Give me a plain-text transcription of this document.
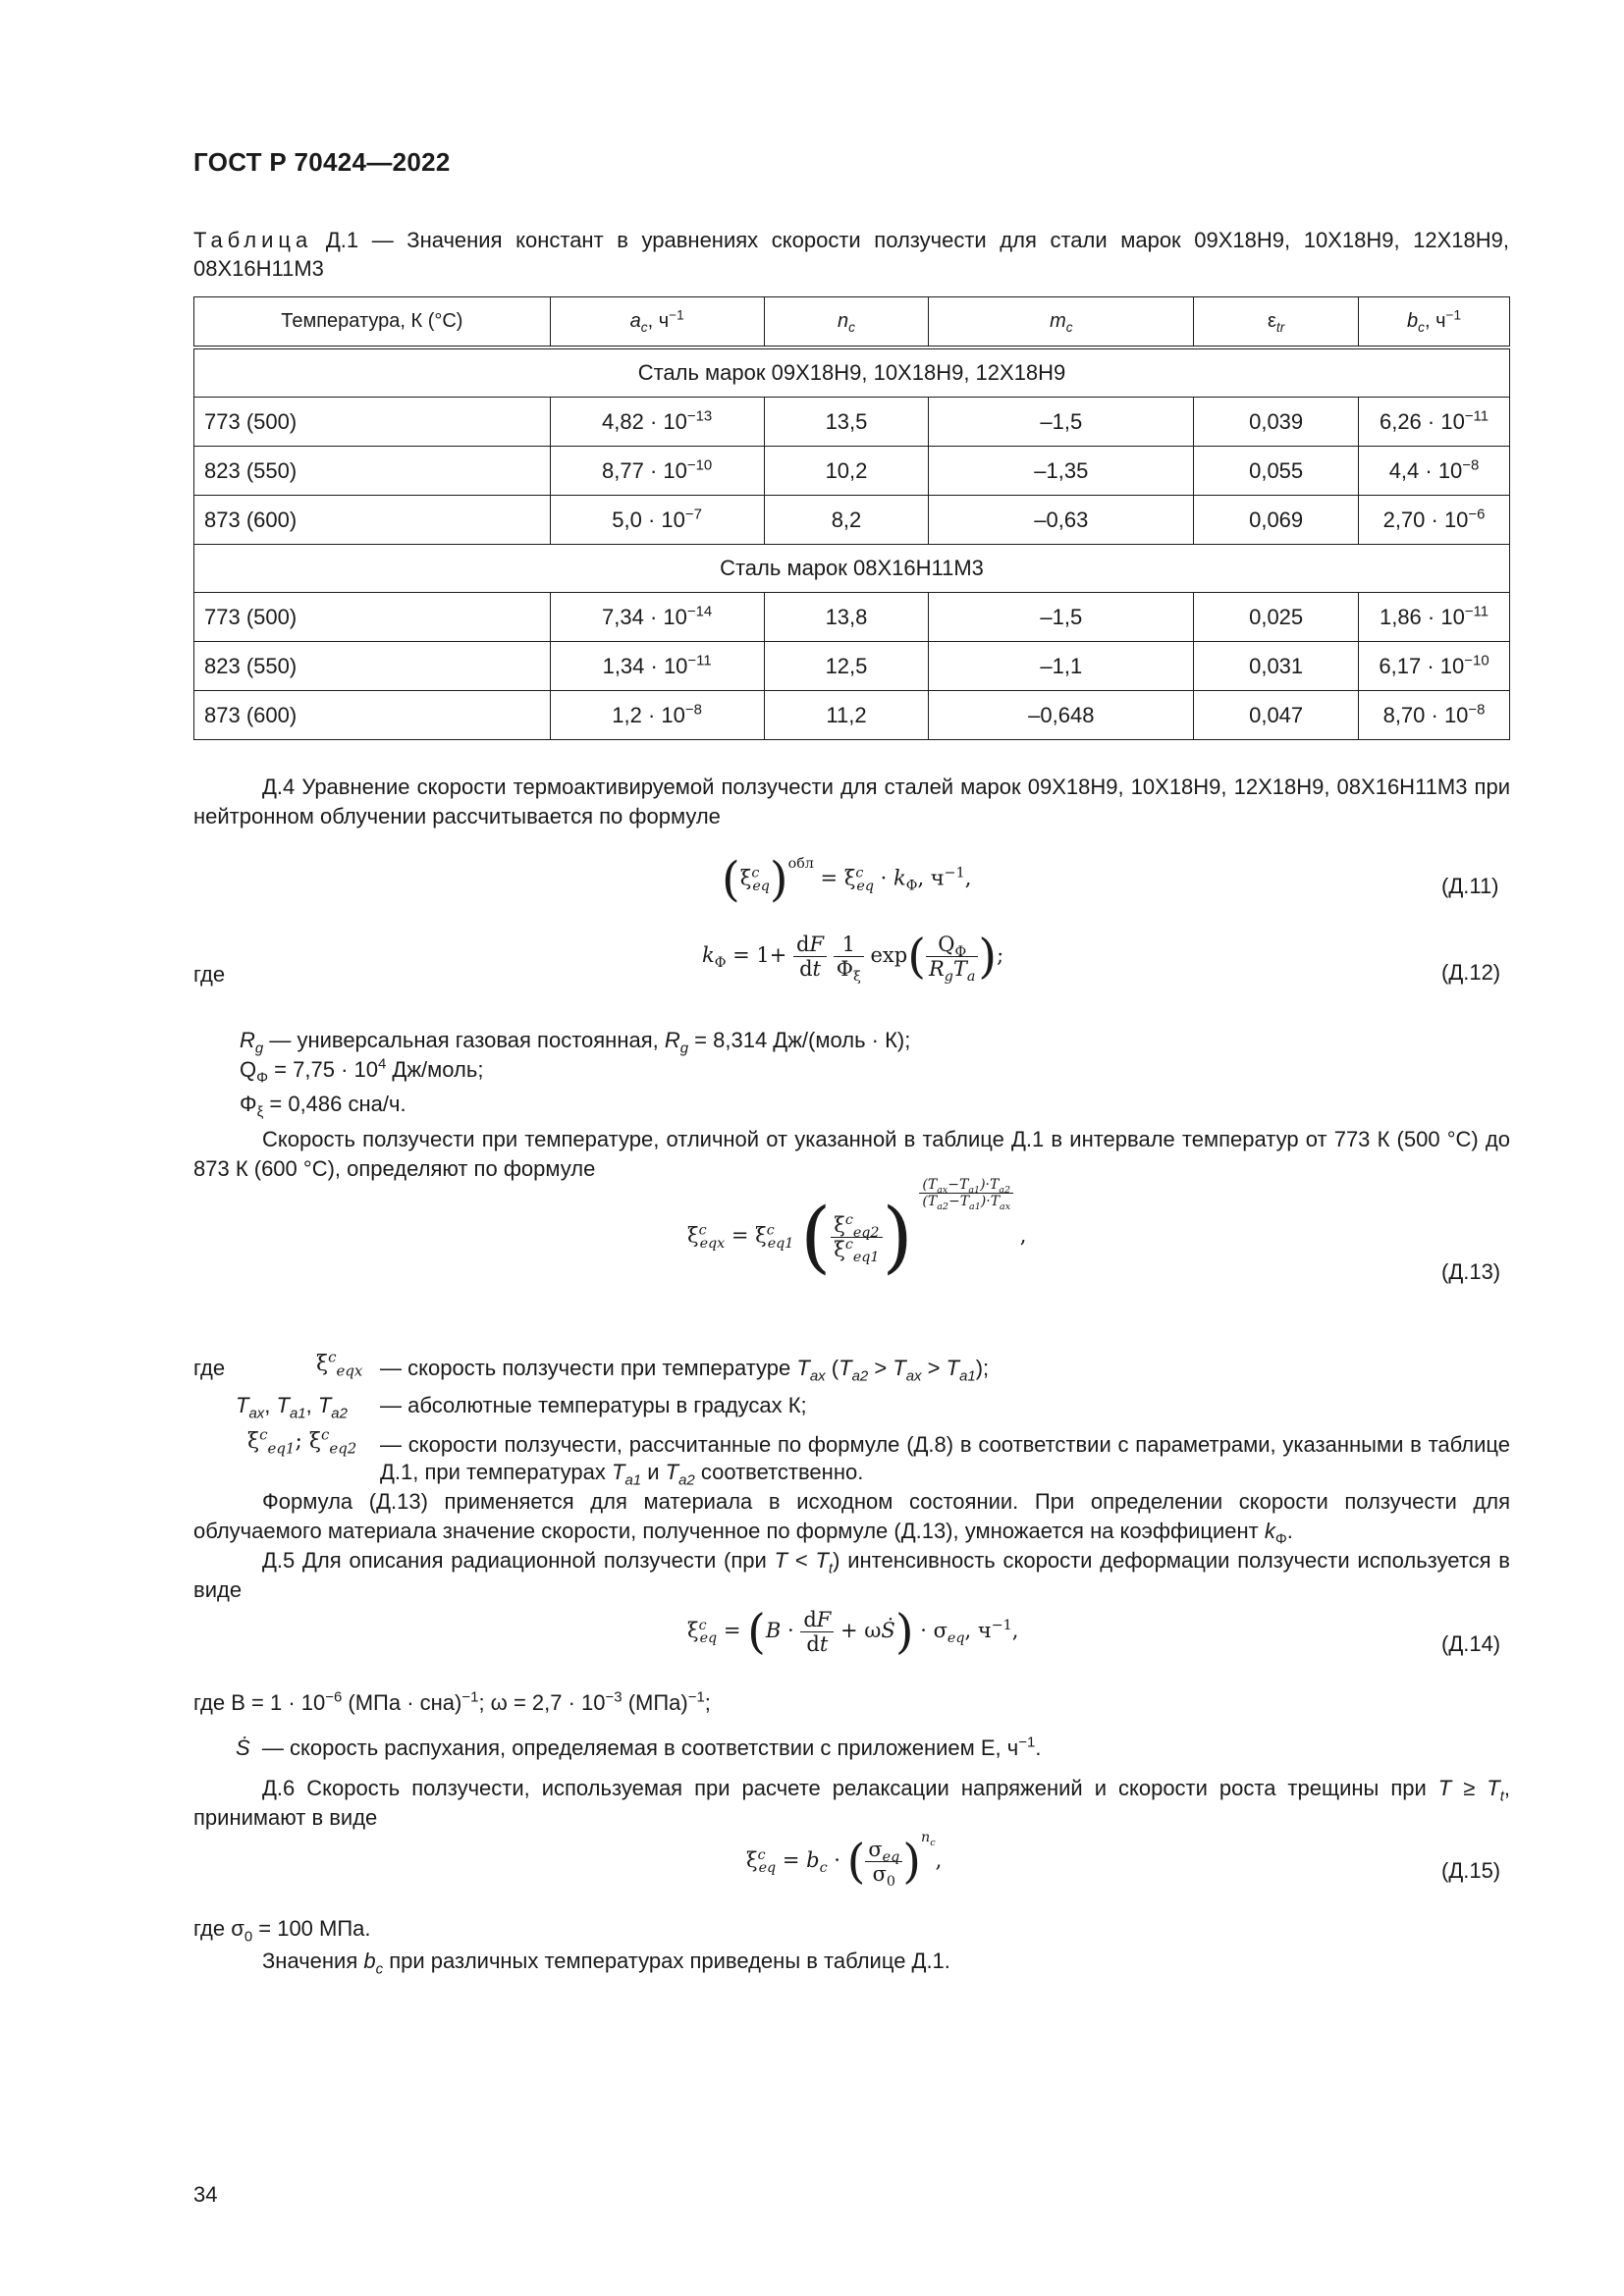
ГОСТ Р 70424—2022
Таблица Д.1 — Значения констант в уравнениях скорости ползучести для стали марок 09Х18Н9, 10Х18Н9, 12Х18Н9, 08Х16Н11М3
Температура, К (°С)	$a_c$, $ч^{-1}$	$n_c$	$m_c$	$\varepsilon_{tr}$	$b_c$, $ч^{-1}$
Сталь марок 09Х18Н9, 10Х18Н9, 12Х18Н9					
773 (500)	$4,82 \cdot 10^{-13}$	13,5	–1,5	0,039	$6,26 \cdot 10^{-11}$
823 (550)	$8,77 \cdot 10^{-10}$	10,2	–1,35	0,055	$4,4 \cdot 10^{-8}$
873 (600)	$5,0 \cdot 10^{-7}$	8,2	–0,63	0,069	$2,70 \cdot 10^{-6}$
Сталь марок 08Х16Н11М3					
773 (500)	$7,34 \cdot 10^{-14}$	13,8	–1,5	0,025	$1,86 \cdot 10^{-11}$
823 (550)	$1,34 \cdot 10^{-11}$	12,5	–1,1	0,031	$6,17 \cdot 10^{-10}$
873 (600)	$1,2 \cdot 10^{-8}$	11,2	–0,648	0,047	$8,70 \cdot 10^{-8}$
Д.4 Уравнение скорости термоактивируемой ползучести для сталей марок 09Х18Н9, 10Х18Н9, 12Х18Н9, 08Х16Н11М3 при нейтронном облучении рассчитывается по формуле
$(\xi^c_{eq})^{обл} = \xi^c_{eq} \cdot k_\Phi$, $ч^{-1}$,	(Д.11)
где
$k_\Phi = 1+ \frac{dF}{dt}$
$\frac{1}{\Phi_\xi} \exp( \frac{Q_\Phi}{R_gT_a}$ );
(Д.12)
$R_g$ — универсальная газовая постоянная, $R_g = 8,314$ Дж/(моль · К);
$Q_\Phi = 7,75 \cdot 10^4$ Дж/моль;
$\Phi_\xi = 0,486$ сна/ч.
Скорость ползучести при температуре, отличной от указанной в таблице Д.1 в интервале температур от 773 К (500 °С) до 873 К (600 °С), определяют по формуле
$\xi^c_{eqx} = \xi^c_{eq1}$ ( $\frac{\xi^c_{eq2}}{\xi^c_{eq1}}$ ) $\frac{(T_{ax}-T_{a1})\cdot T_{a2}}{(T_{a2}-T_{a1})\cdot T_{ax}}$
,
(Д.13)
где	$\xi^c_{eqx}$ — скорость ползучести при температуре $T_{ax}$ $(T_{a2} > T_{ax} > T_{a1})$;
$T_{ax}$, $T_{a1}$, $T_{a2}$ — абсолютные температуры в градусах К;
$\xi^c_{eq1}$; $\xi^c_{eq2}$ — скорости ползучести, рассчитанные по формуле (Д.8) в соответствии с параметрами, указанными в таблице Д.1, при температурах $T_{a1}$ и $T_{a2}$ соответственно.
Формула (Д.13) применяется для материала в исходном состоянии. При определении скорости ползучести для облучаемого материала значение скорости, полученное по формуле (Д.13), умножается на коэффициент $k_\Phi$.
Д.5 Для описания радиационной ползучести (при $T < T_t$) интенсивность скорости деформации ползучести используется в виде
$\xi^c_{eq} = (B \cdot \frac{dF}{dt}$ + ωṠ) · $\sigma_{eq}$, $ч^{-1}$,
(Д.14)
где $B = 1 \cdot 10^{-6}$ (МПа · сна)$^{-1}$; $\omega = 2,7 \cdot 10^{-3}$ (МПа)$^{-1}$;
Ṡ — скорость распухания, определяемая в соответствии с приложением Е, $ч^{-1}$.
Д.6 Скорость ползучести, используемая при расчете релаксации напряжений и скорости роста трещины при $T \ge T_t$, принимают в виде
$\xi^c_{eq} = b_c$ · ( $\frac{\sigma_{eq}}{\sigma_0} )^{n_c}$,	(Д.15)
где $\sigma_0 = 100$ МПа.
Значения $b_c$ при различных температурах приведены в таблице Д.1.
34
